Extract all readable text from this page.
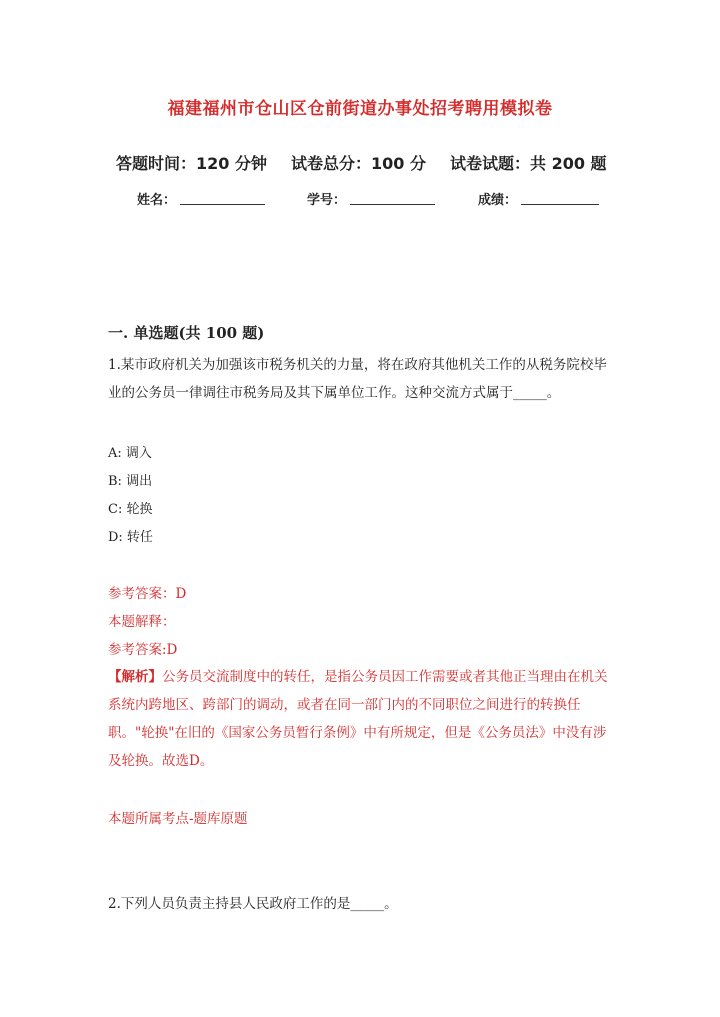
福建福州市仓山区仓前街道办事处招考聘用模拟卷
答题时间：120 分钟 试卷总分：100 分 试卷试题：共 200 题
姓名：	学号：	成绩：
一. 单选题(共 100 题)
1.某市政府机关为加强该市税务机关的力量，将在政府其他机关工作的从税务院校毕业的公务员一律调往市税务局及其下属单位工作。这种交流方式属于_____。
A: 调入
B: 调出
C: 轮换
D: 转任
参考答案：D
本题解释：
参考答案:D
【解析】公务员交流制度中的转任，是指公务员因工作需要或者其他正当理由在机关系统内跨地区、跨部门的调动，或者在同一部门内的不同职位之间进行的转换任职。"轮换"在旧的《国家公务员暂行条例》中有所规定，但是《公务员法》中没有涉及轮换。故选D。
本题所属考点-题库原题
2.下列人员负责主持县人民政府工作的是_____。
